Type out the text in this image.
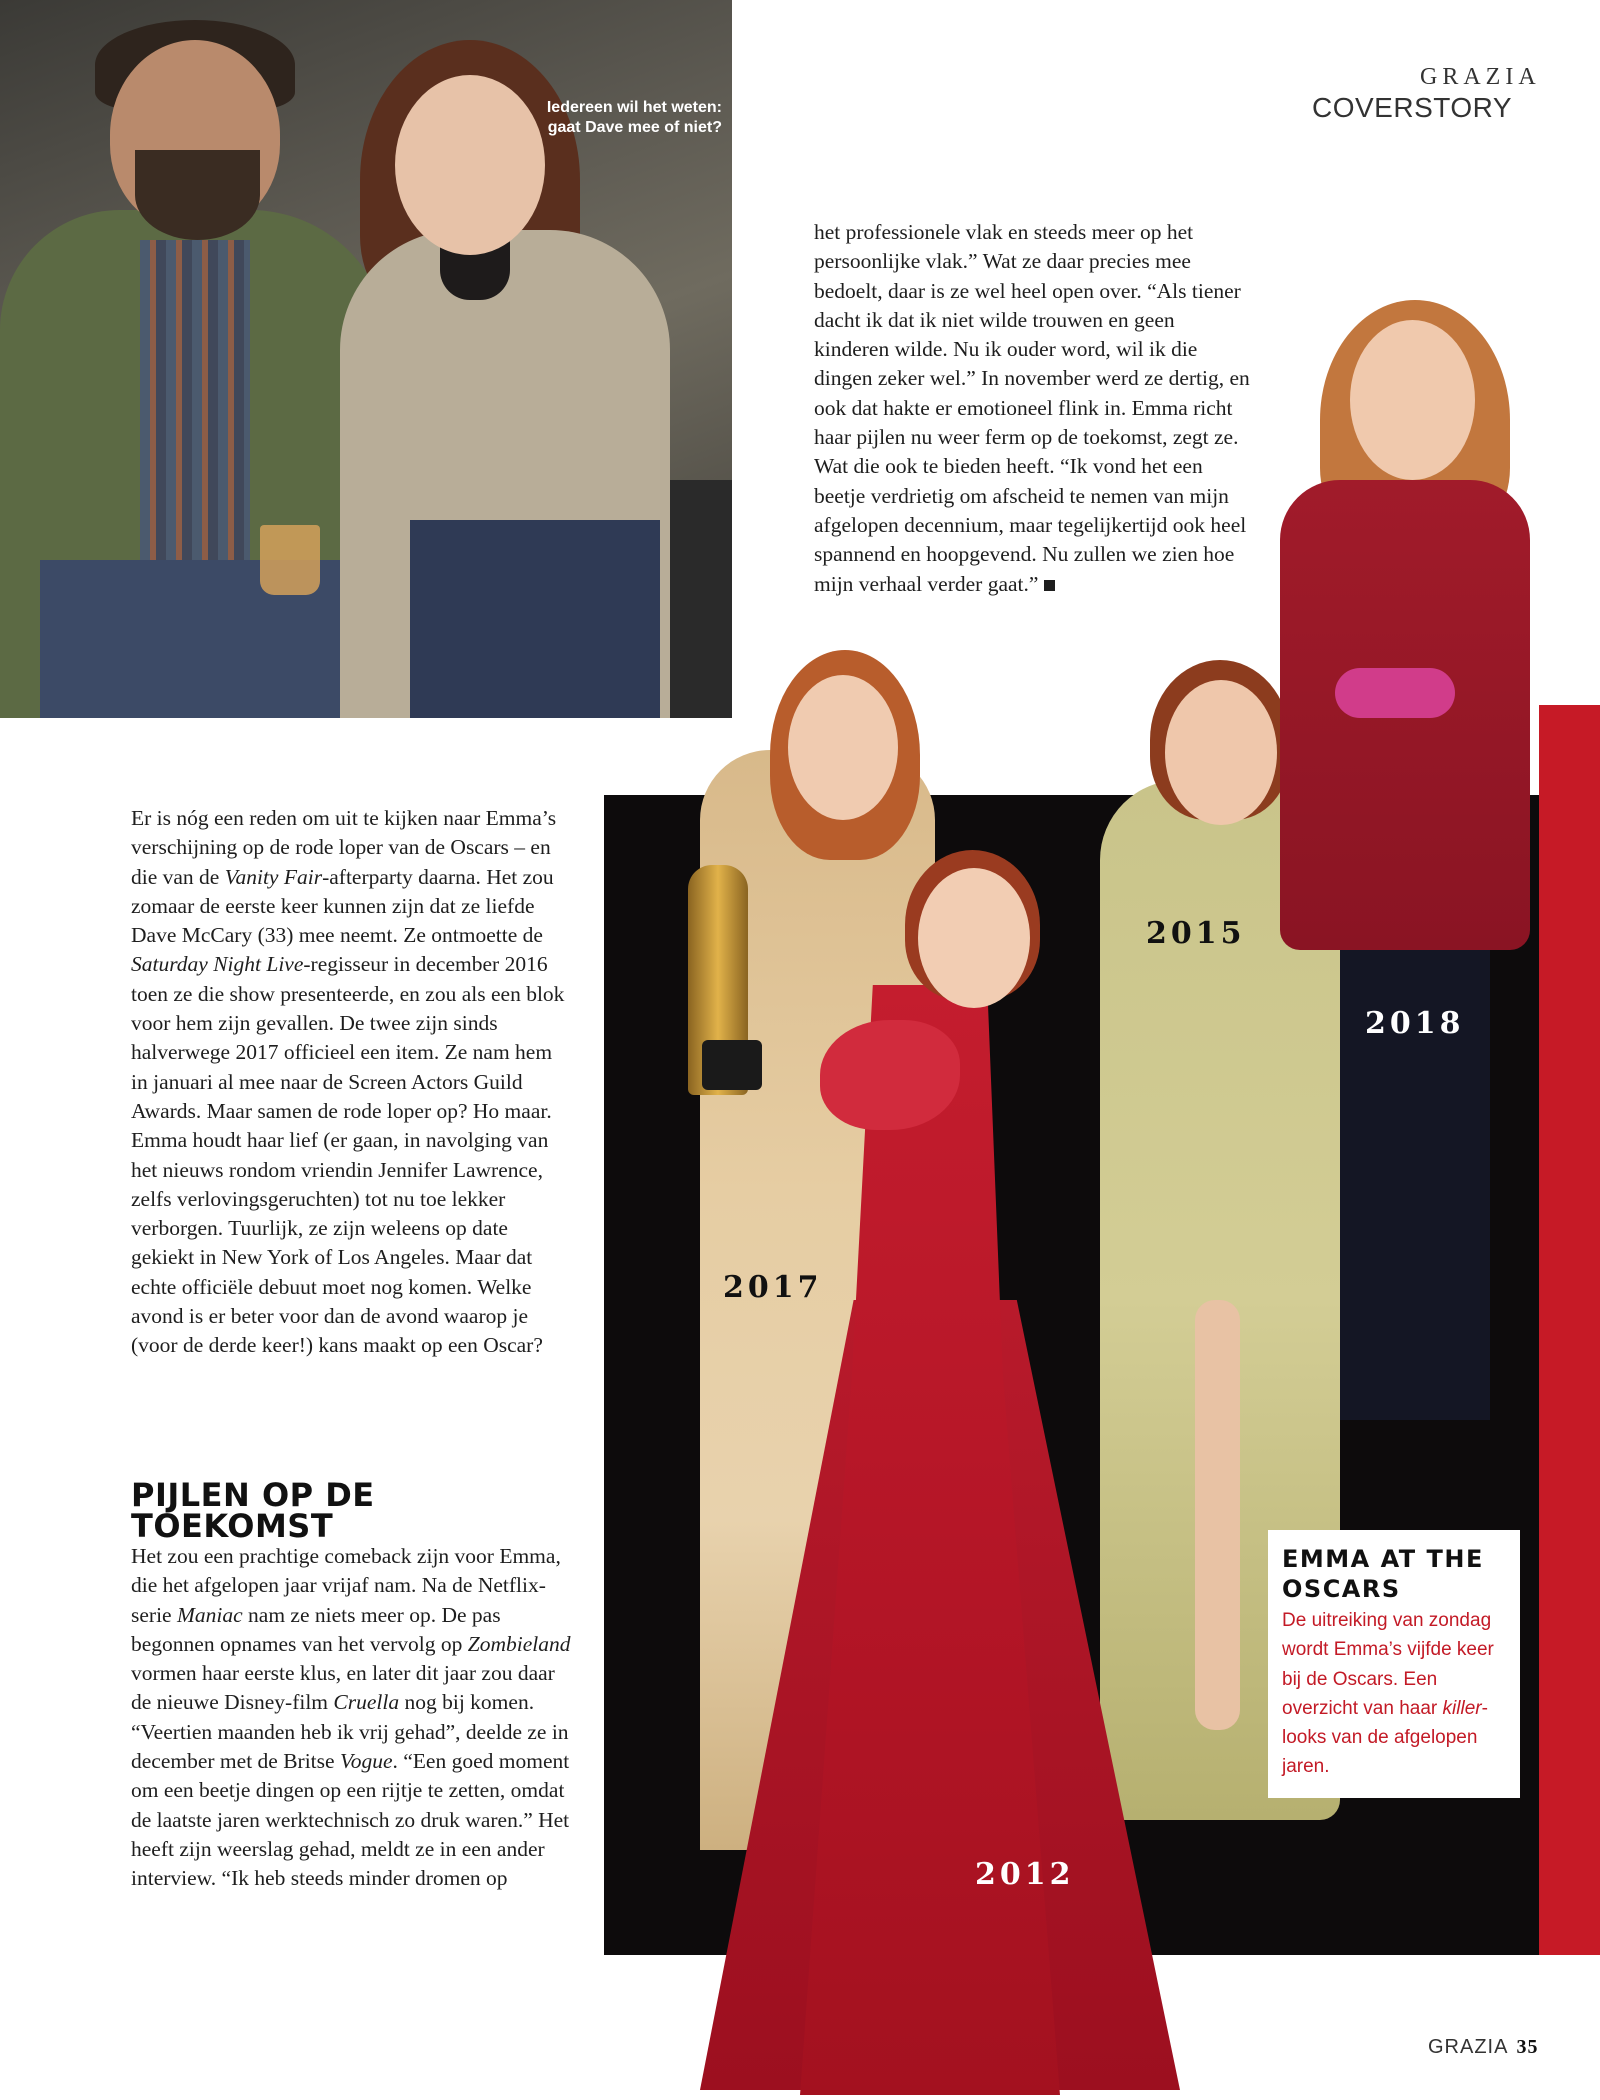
Iedereen wil het weten: gaat Dave mee of niet?
GRAZIA
COVERSTORY
2015
2018
2017
2012

het professionele vlak en steeds meer op het persoonlijke vlak.” Wat ze daar precies mee bedoelt, daar is ze wel heel open over. “Als tiener dacht ik dat ik niet wilde trouwen en geen kinderen wilde. Nu ik ouder word, wil ik die dingen zeker wel.” In november werd ze dertig, en ook dat hakte er emotioneel flink in. Emma richt haar pijlen nu weer ferm op de toekomst, zegt ze. Wat die ook te bieden heeft. “Ik vond het een beetje verdrietig om afscheid te nemen van mijn afgelopen decennium, maar tegelijkertijd ook heel spannend en hoopgevend. Nu zullen we zien hoe mijn verhaal verder gaat.”

Er is nóg een reden om uit te kijken naar Emma’s verschijning op de rode loper van de Oscars – en die van de Vanity Fair-afterparty daarna. Het zou zomaar de eerste keer kunnen zijn dat ze liefde Dave McCary (33) mee neemt. Ze ontmoette de Saturday Night Live-regisseur in december 2016 toen ze die show presenteerde, en zou als een blok voor hem zijn gevallen. De twee zijn sinds halverwege 2017 officieel een item. Ze nam hem in januari al mee naar de Screen Actors Guild Awards. Maar samen de rode loper op? Ho maar. Emma houdt haar lief (er gaan, in navolging van het nieuws rondom vriendin Jennifer Lawrence, zelfs verlovingsgeruchten) tot nu toe lekker verborgen. Tuurlijk, ze zijn weleens op date gekiekt in New York of Los Angeles. Maar dat echte officiële debuut moet nog komen. Welke avond is er beter voor dan de avond waarop je (voor de derde keer!) kans maakt op een Oscar?

PIJLEN OP DE TOEKOMST

Het zou een prachtige comeback zijn voor Emma, die het afgelopen jaar vrijaf nam. Na de Netflix-serie Maniac nam ze niets meer op. De pas begonnen opnames van het vervolg op Zombieland vormen haar eerste klus, en later dit jaar zou daar de nieuwe Disney-film Cruella nog bij komen. “Veertien maanden heb ik vrij gehad”, deelde ze in december met de Britse Vogue. “Een goed moment om een beetje dingen op een rijtje te zetten, omdat de laatste jaren werktechnisch zo druk waren.” Het heeft zijn weerslag gehad, meldt ze in een ander interview. “Ik heb steeds minder dromen op

EMMA AT THE OSCARS
De uitreiking van zondag wordt Emma’s vijfde keer bij de Oscars. Een overzicht van haar killer-looks van de afgelopen jaren.
GRAZIA 35
